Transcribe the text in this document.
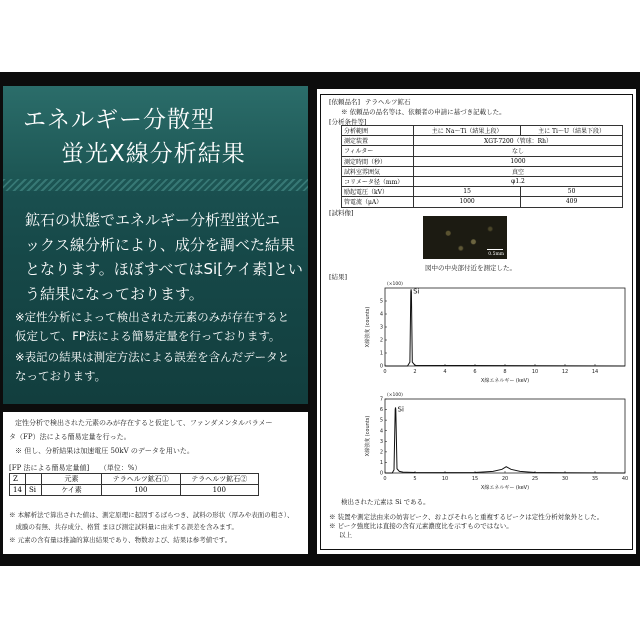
エネルギー分散型
蛍光X線分析結果
鉱石の状態でエネルギー分析型蛍光エ
ックス線分析により、成分を調べた結果
となります。ほぼすべてはSi[ケイ素]とい
う結果になっております。
※定性分析によって検出された元素のみが存在すると
仮定して、FP法による簡易定量を行っております。
※表記の結果は測定方法による誤差を含んだデータと
なっております。
定性分析で検出された元素のみが存在すると仮定して、ファンダメンタルパラメー
タ（FP）法による簡易定量を行った。
※ 但し、分析結果は加速電圧 50kV のデータを用いた。
[FP 法による簡易定量値]　　（単位：%）
Z		元素	テラヘルツ鉱石①	テラヘルツ鉱石②
14	Si	ケイ素	100	100
※ 本解析法で算出された値は、測定原理に起因するばらつき、試料の形状（厚みや表面の粗さ）、
　成膜の有無、共存成分、格質 まほび測定試料量に由来する誤差を含みます。
※ 元素の含有量は推論的算出結果であり、物数および、結果は参考値です。
[依頼品名] テラヘルツ鉱石
※ 依頼品の品名等は、依頼者の申請に基づき記載した。
[分析条件等]
分析範囲	主に Na〜Ti（結果上段）	主に Ti〜U（結果下段）
測定装置	XGT-7200（管球：Rh）	
フィルター	なし	
測定時間（秒）	1000	
試料室雰囲気	真空	
コリメータ径（mm）	φ1.2	
励起電圧（kV）	15	50
管電流（μA）	1000	409
[試料像]
0.5mm
図中の中央部付近を測定した。
[結果]
(×100)
0	2	4	6	8	10	12	14
0
1
2
3
4
5
X線エネルギー (keV)
X線強度 (counts)
Si
(×100)
0	5	10	15	20	25	30	35	40
0
1
2
3
4
5
6
7
X線エネルギー (keV)
X線強度 (counts)
Si
検出された元素は Si である。
※ 装置や測定法由来の妨害ピーク、およびそれらと重複するピークは定性分析対象外とした。
※ ピーク強度比は直接の含有元素濃度比を示すものではない。
以上
